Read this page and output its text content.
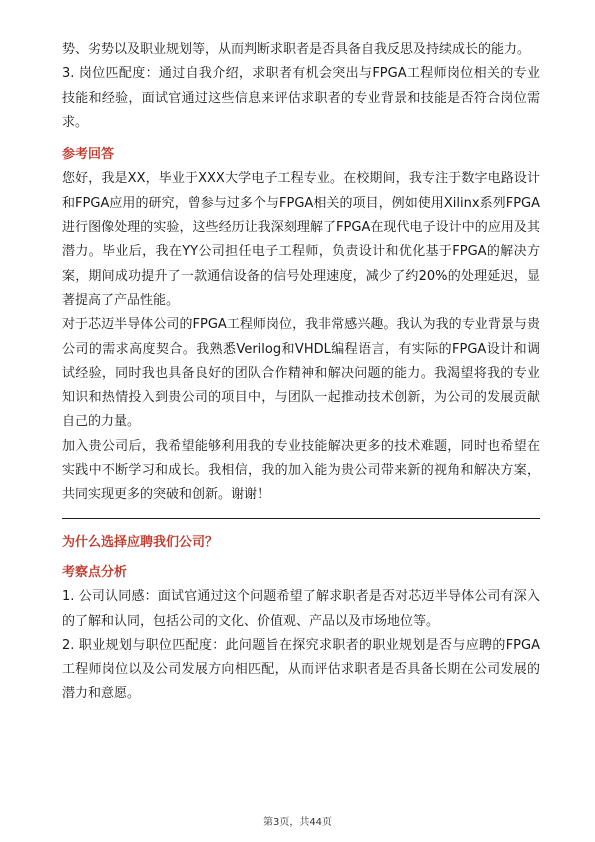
势、劣势以及职业规划等，从而判断求职者是否具备自我反思及持续成长的能力。

3. 岗位匹配度：通过自我介绍，求职者有机会突出与FPGA工程师岗位相关的专业技能和经验，面试官通过这些信息来评估求职者的专业背景和技能是否符合岗位需求。

参考回答

您好，我是XX，毕业于XXX大学电子工程专业。在校期间，我专注于数字电路设计和FPGA应用的研究，曾参与过多个与FPGA相关的项目，例如使用Xilinx系列FPGA进行图像处理的实验，这些经历让我深刻理解了FPGA在现代电子设计中的应用及其潜力。毕业后，我在YY公司担任电子工程师，负责设计和优化基于FPGA的解决方案，期间成功提升了一款通信设备的信号处理速度，减少了约20%的处理延迟，显著提高了产品性能。

对于芯迈半导体公司的FPGA工程师岗位，我非常感兴趣。我认为我的专业背景与贵公司的需求高度契合。我熟悉Verilog和VHDL编程语言，有实际的FPGA设计和调试经验，同时我也具备良好的团队合作精神和解决问题的能力。我渴望将我的专业知识和热情投入到贵公司的项目中，与团队一起推动技术创新，为公司的发展贡献自己的力量。

加入贵公司后，我希望能够利用我的专业技能解决更多的技术难题，同时也希望在实践中不断学习和成长。我相信，我的加入能为贵公司带来新的视角和解决方案，共同实现更多的突破和创新。谢谢！

为什么选择应聘我们公司？
考察点分析

1. 公司认同感：面试官通过这个问题希望了解求职者是否对芯迈半导体公司有深入的了解和认同，包括公司的文化、价值观、产品以及市场地位等。

2. 职业规划与职位匹配度：此问题旨在探究求职者的职业规划是否与应聘的FPGA工程师岗位以及公司发展方向相匹配，从而评估求职者是否具备长期在公司发展的潜力和意愿。

第3页，共44页
